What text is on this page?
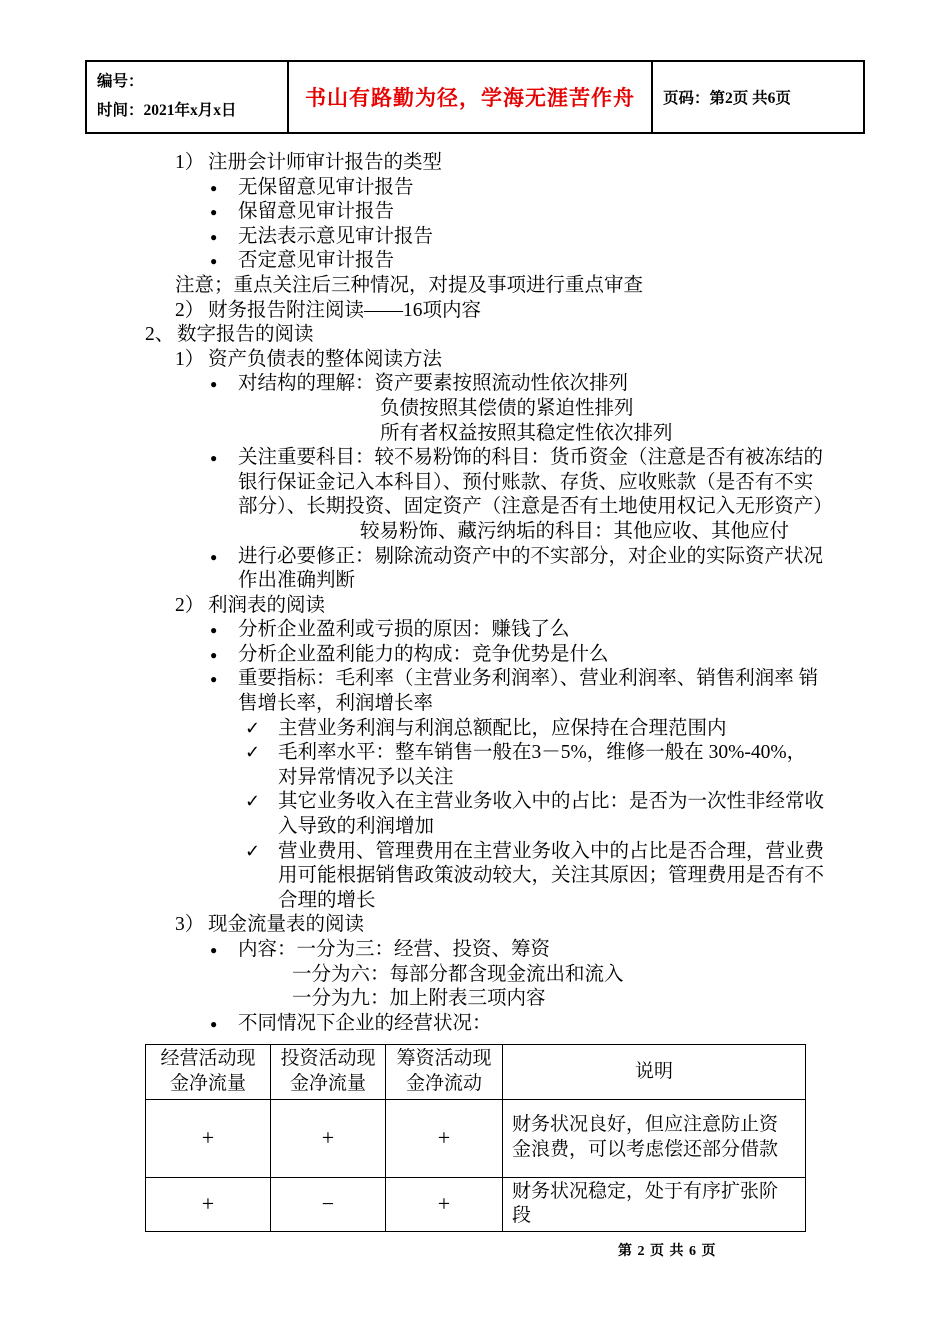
编号：
时间：2021年x月x日
书山有路勤为径，学海无涯苦作舟 页码：第2页 共6页
1） 注册会计师审计报告的类型
●	无保留意见审计报告
●	保留意见审计报告
●	无法表示意见审计报告
●	否定意见审计报告
注意；重点关注后三种情况，对提及事项进行重点审查
2） 财务报告附注阅读——16项内容
2、 数字报告的阅读
1） 资产负债表的整体阅读方法
●	对结构的理解：资产要素按照流动性依次排列
负债按照其偿债的紧迫性排列
所有者权益按照其稳定性依次排列
●	关注重要科目：较不易粉饰的科目：货币资金（注意是否有被冻结的银行保证金记入本科目）、预付账款、存货、应收账款（是否有不实部分）、长期投资、固定资产（注意是否有土地使用权记入无形资产）
较易粉饰、藏污纳垢的科目：其他应收、其他应付
●	进行必要修正：剔除流动资产中的不实部分，对企业的实际资产状况作出准确判断
2） 利润表的阅读
●	分析企业盈利或亏损的原因：赚钱了么
●	分析企业盈利能力的构成：竞争优势是什么
●	重要指标：毛利率（主营业务利润率）、营业利润率、销售利润率 销售增长率，利润增长率
✓ 主营业务利润与利润总额配比，应保持在合理范围内
✓ 毛利率水平：整车销售一般在3－5%，维修一般在 30%-40%，对异常情况予以关注
✓ 其它业务收入在主营业务收入中的占比：是否为一次性非经常收入导致的利润增加
✓ 营业费用、管理费用在主营业务收入中的占比是否合理，营业费用可能根据销售政策波动较大，关注其原因；管理费用是否有不合理的增长
3） 现金流量表的阅读
●	内容：一分为三：经营、投资、筹资
一分为六：每部分都含现金流出和流入
一分为九：加上附表三项内容
●	不同情况下企业的经营状况：
经营活动现金净流量	投资活动现金净流量	筹资活动现金净流动	说明
+	+	+	财务状况良好，但应注意防止资金浪费，可以考虑偿还部分借款
+	−	+	财务状况稳定，处于有序扩张阶段
第 2 页 共 6 页
